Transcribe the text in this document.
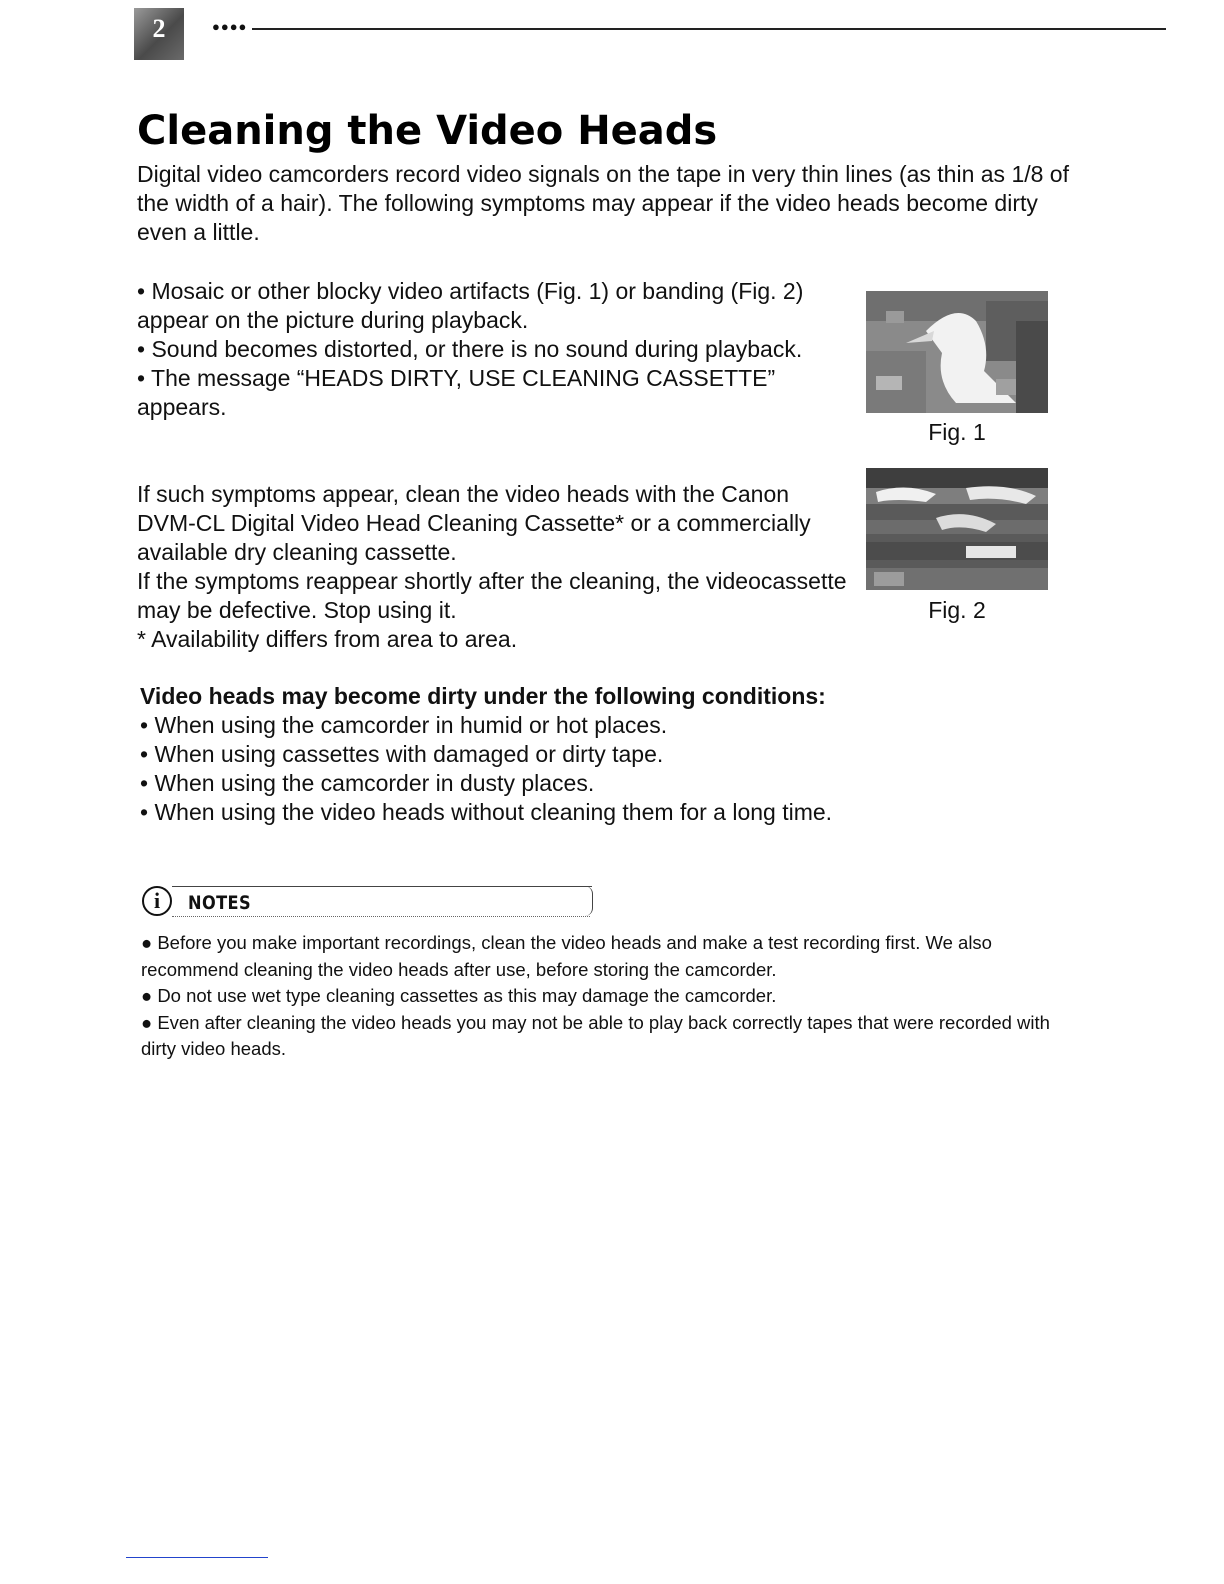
2	●●●●
Cleaning the Video Heads

Digital video camcorders record video signals on the tape in very thin lines (as thin as 1/8 of the width of a hair). The following symptoms may appear if the video heads become dirty even a little.

• Mosaic or other blocky video artifacts (Fig. 1) or banding (Fig. 2) appear on the picture during playback.

• Sound becomes distorted, or there is no sound during playback.

• The message “HEADS DIRTY, USE CLEANING CASSETTE” appears.

Fig. 1
Fig. 2

If such symptoms appear, clean the video heads with the Canon DVM-CL Digital Video Head Cleaning Cassette* or a commercially available dry cleaning cassette.

If the symptoms reappear shortly after the cleaning, the videocassette may be defective. Stop using it.

* Availability differs from area to area.

Video heads may become dirty under the following conditions:
• When using the camcorder in humid or hot places.
• When using cassettes with damaged or dirty tape.
• When using the camcorder in dusty places.
• When using the video heads without cleaning them for a long time.
i	NOTES
● Before you make important recordings, clean the video heads and make a test recording first. We also recommend cleaning the video heads after use, before storing the camcorder.
● Do not use wet type cleaning cassettes as this may damage the camcorder.
● Even after cleaning the video heads you may not be able to play back correctly tapes that were recorded with dirty video heads.
